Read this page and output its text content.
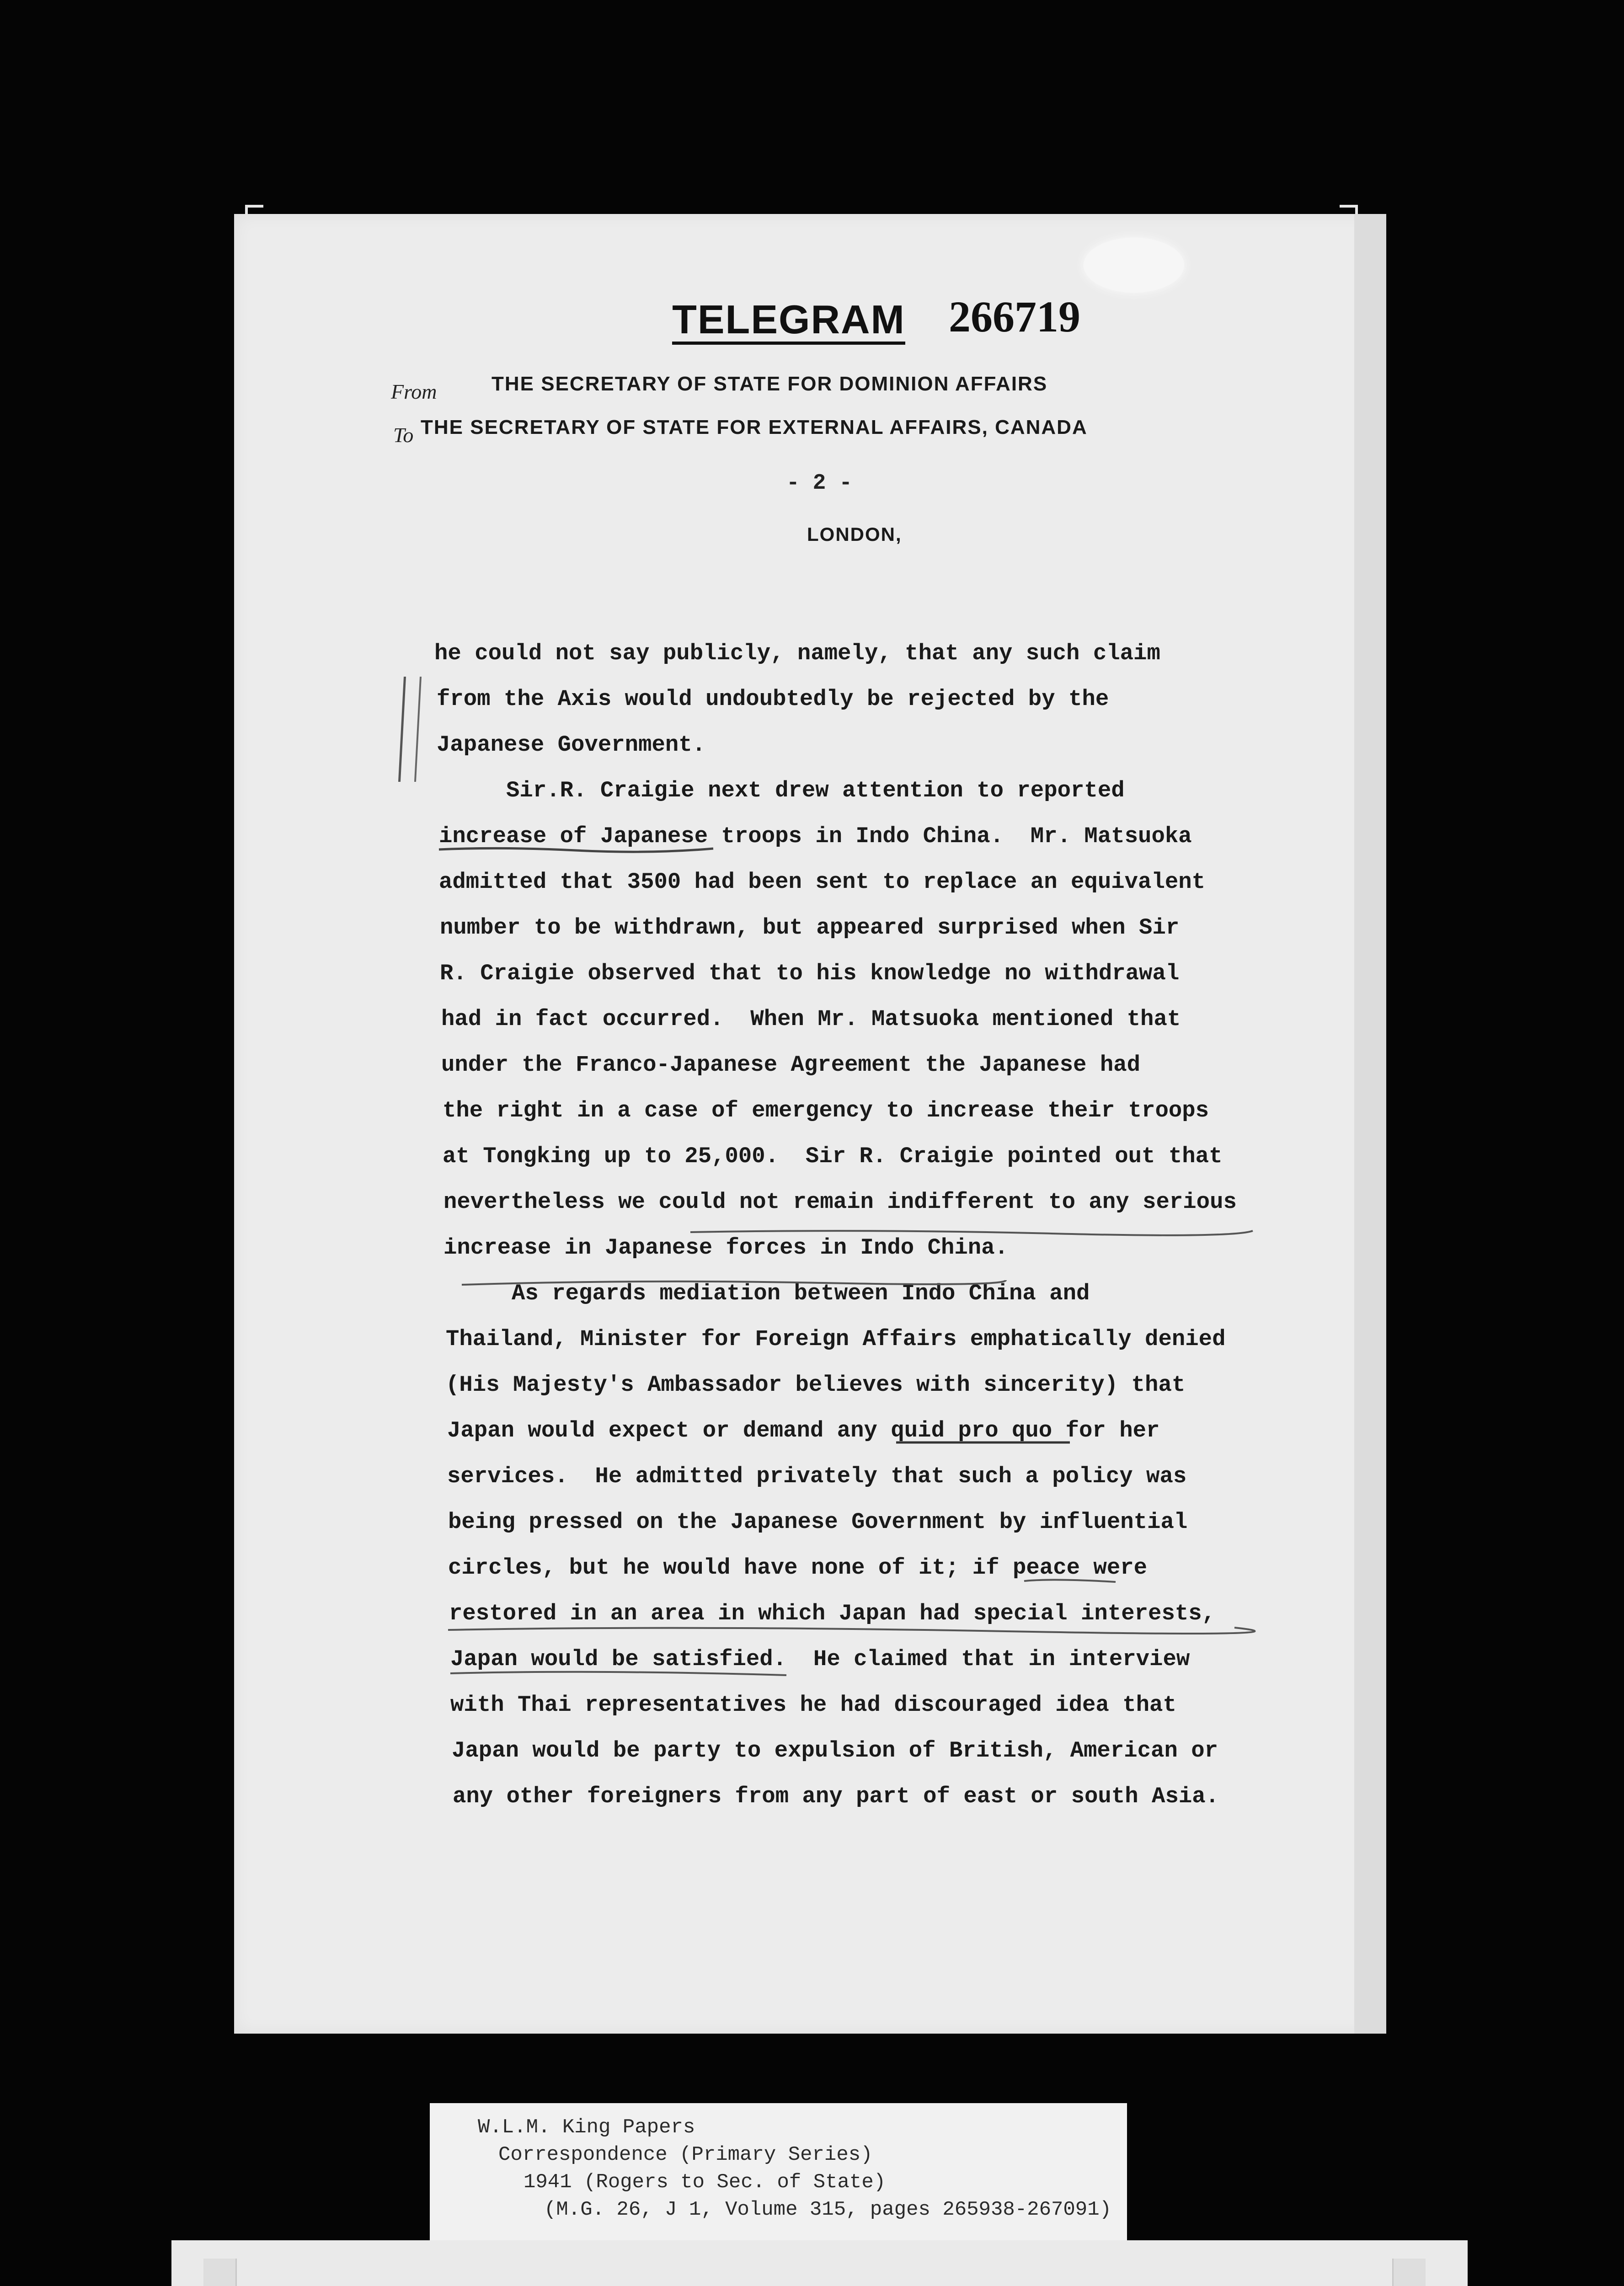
TELEGRAM 266719
From	THE SECRETARY OF STATE FOR DOMINION AFFAIRS
To THE SECRETARY OF STATE FOR EXTERNAL AFFAIRS, CANADA
- 2 -
LONDON,
he could not say publicly, namely, that any such claim
from the Axis would undoubtedly be rejected by the
Japanese Government.
Sir.R. Craigie next drew attention to reported
increase of Japanese troops in Indo China.  Mr. Matsuoka
admitted that 3500 had been sent to replace an equivalent
number to be withdrawn, but appeared surprised when Sir
R. Craigie observed that to his knowledge no withdrawal
had in fact occurred.  When Mr. Matsuoka mentioned that
under the Franco-Japanese Agreement the Japanese had
the right in a case of emergency to increase their troops
at Tongking up to 25,000.  Sir R. Craigie pointed out that
nevertheless we could not remain indifferent to any serious
increase in Japanese forces in Indo China.
As regards mediation between Indo China and
Thailand, Minister for Foreign Affairs emphatically denied
(His Majesty's Ambassador believes with sincerity) that
Japan would expect or demand any quid pro quo for her
services.  He admitted privately that such a policy was
being pressed on the Japanese Government by influential
circles, but he would have none of it; if peace were
restored in an area in which Japan had special interests,
Japan would be satisfied.  He claimed that in interview
with Thai representatives he had discouraged idea that
Japan would be party to expulsion of British, American or
any other foreigners from any part of east or south Asia.
W.L.M. King Papers
Correspondence (Primary Series)
1941 (Rogers to Sec. of State)
(M.G. 26, J 1, Volume 315, pages 265938-267091)
